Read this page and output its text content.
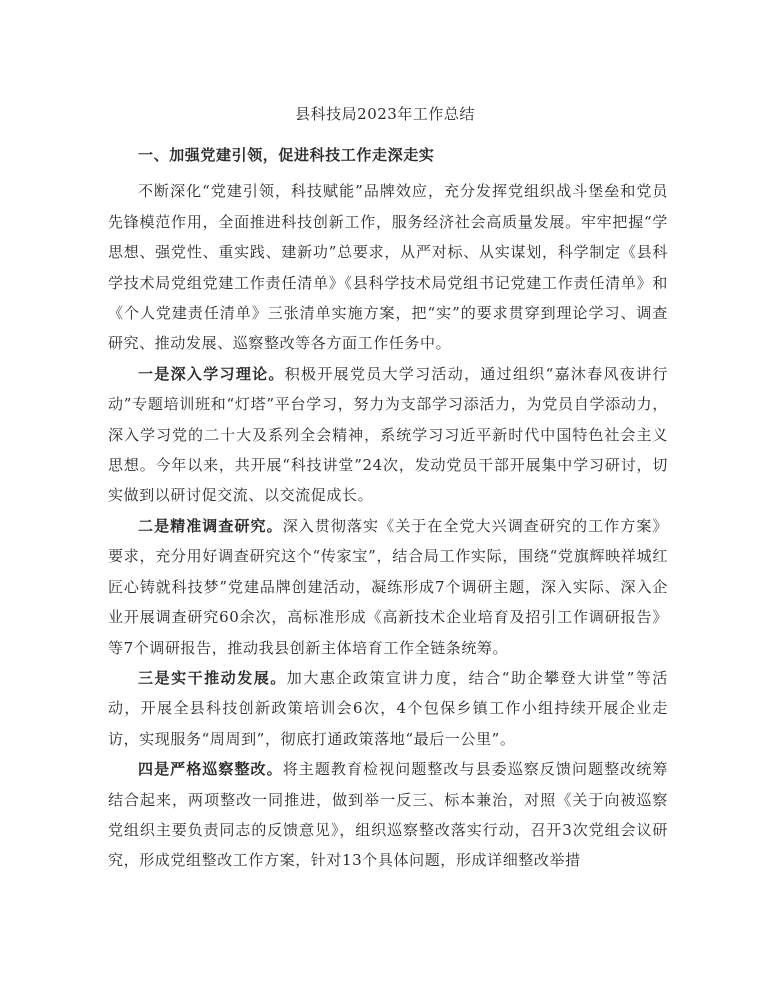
县科技局2023年工作总结

一、加强党建引领，促进科技工作走深走实

不断深化“党建引领，科技赋能”品牌效应，充分发挥党组织战斗堡垒和党员先锋模范作用，全面推进科技创新工作，服务经济社会高质量发展。牢牢把握“学思想、强党性、重实践、建新功”总要求，从严对标、从实谋划，科学制定《县科学技术局党组党建工作责任清单》《县科学技术局党组书记党建工作责任清单》和《个人党建责任清单》三张清单实施方案，把“实”的要求贯穿到理论学习、调查研究、推动发展、巡察整改等各方面工作任务中。

一是深入学习理论。积极开展党员大学习活动，通过组织“嘉沐春风夜讲行动”专题培训班和“灯塔”平台学习，努力为支部学习添活力，为党员自学添动力，深入学习党的二十大及系列全会精神，系统学习习近平新时代中国特色社会主义思想。今年以来，共开展“科技讲堂”24次，发动党员干部开展集中学习研讨，切实做到以研讨促交流、以交流促成长。

二是精准调查研究。深入贯彻落实《关于在全党大兴调查研究的工作方案》要求，充分用好调查研究这个“传家宝”，结合局工作实际，围绕“党旗辉映祥城红匠心铸就科技梦”党建品牌创建活动，凝练形成7个调研主题，深入实际、深入企业开展调查研究60余次，高标准形成《高新技术企业培育及招引工作调研报告》等7个调研报告，推动我县创新主体培育工作全链条统筹。

三是实干推动发展。加大惠企政策宣讲力度，结合“助企攀登大讲堂”等活动，开展全县科技创新政策培训会6次，4个包保乡镇工作小组持续开展企业走访，实现服务“周周到”，彻底打通政策落地“最后一公里”。

四是严格巡察整改。将主题教育检视问题整改与县委巡察反馈问题整改统筹结合起来，两项整改一同推进，做到举一反三、标本兼治，对照《关于向被巡察党组织主要负责同志的反馈意见》，组织巡察整改落实行动，召开3次党组会议研究，形成党组整改工作方案，针对13个具体问题，形成详细整改举措
